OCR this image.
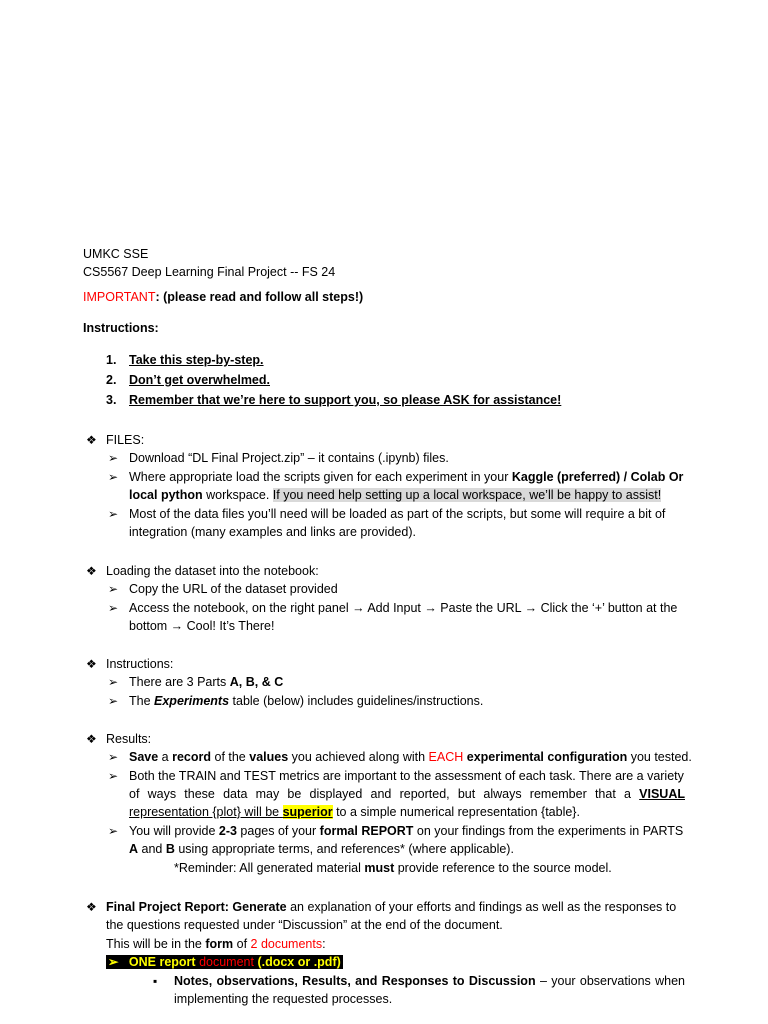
UMKC SSE
CS5567 Deep Learning Final Project -- FS 24
IMPORTANT: (please read and follow all steps!)
Instructions:
1. Take this step-by-step.
2. Don’t get overwhelmed.
3. Remember that we’re here to support you, so please ASK for assistance!
❖ FILES:
➢ Download “DL Final Project.zip” – it contains (.ipynb) files.
➢ Where appropriate load the scripts given for each experiment in your Kaggle (preferred) / Colab Or
local python workspace. If you need help setting up a local workspace, we’ll be happy to assist!
➢ Most of the data files you’ll need will be loaded as part of the scripts, but some will require a bit of
integration (many examples and links are provided).
❖ Loading the dataset into the notebook:
➢ Copy the URL of the dataset provided
➢ Access the notebook, on the right panel → Add Input → Paste the URL → Click the ‘+’ button at the
bottom → Cool! It’s There!
❖ Instructions:
➢ There are 3 Parts A, B, & C
➢ The Experiments table (below) includes guidelines/instructions.
❖ Results:
➢ Save a record of the values you achieved along with EACH experimental configuration you tested.
➢ Both the TRAIN and TEST metrics are important to the assessment of each task. There are a variety
of ways these data may be displayed and reported, but always remember that a VISUAL
representation {plot} will be superior to a simple numerical representation {table}.
➢ You will provide 2-3 pages of your formal REPORT on your findings from the experiments in PARTS
A and B using appropriate terms, and references* (where applicable).
*Reminder: All generated material must provide reference to the source model.
❖ Final Project Report: Generate an explanation of your efforts and findings as well as the responses to
the questions requested under “Discussion” at the end of the document.
This will be in the form of 2 documents:
➢ ONE report document (.docx or .pdf)
▪ Notes, observations, Results, and Responses to Discussion – your observations when
implementing the requested processes.
